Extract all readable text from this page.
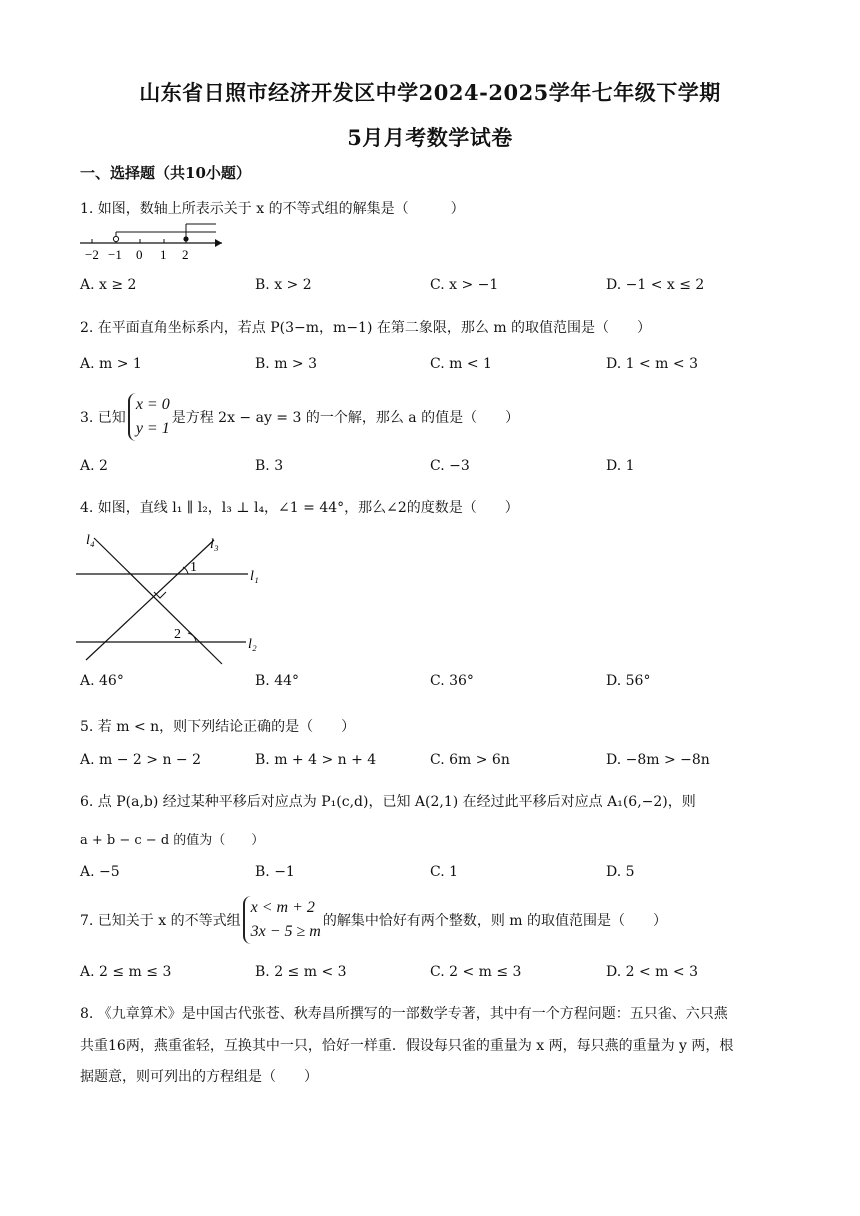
山东省日照市经济开发区中学2024-2025学年七年级下学期
5月月考数学试卷
一、选择题（共10小题）
1. 如图，数轴上所表示关于 x 的不等式组的解集是（　　　）
−2 −1 0 1 2
A. x ≥ 2	B. x > 2	C. x > −1	D. −1 < x ≤ 2
2. 在平面直角坐标系内，若点 P(3−m，m−1) 在第二象限，那么 m 的取值范围是（　　）
A. m > 1	B. m > 3	C. m < 1	D. 1 < m < 3
3. 已知
x = 0
y = 1
是方程 2x − ay = 3 的一个解，那么 a 的值是（　　）
A. 2	B. 3	C. −3	D. 1
4. 如图，直线 l₁ ∥ l₂，l₃ ⊥ l₄，∠1 = 44°，那么∠2的度数是（　　）
l₄	l₃
l₁
l₂
1
2
A. 46°	B. 44°	C. 36°	D. 56°
5. 若 m < n，则下列结论正确的是（　　）
A. m − 2 > n − 2	B. m + 4 > n + 4	C. 6m > 6n	D. −8m > −8n
6. 点 P(a,b) 经过某种平移后对应点为 P₁(c,d)，已知 A(2,1) 在经过此平移后对应点 A₁(6,−2)，则
a + b − c − d 的值为（　　）
A. −5	B. −1	C. 1	D. 5
7. 已知关于 x 的不等式组
x < m + 2
3x − 5 ≥ m
的解集中恰好有两个整数，则 m 的取值范围是（　　）
A. 2 ≤ m ≤ 3	B. 2 ≤ m < 3	C. 2 < m ≤ 3	D. 2 < m < 3
8. 《九章算术》是中国古代张苍、秋寿昌所撰写的一部数学专著，其中有一个方程问题：五只雀、六只燕
共重16两，燕重雀轻，互换其中一只，恰好一样重．假设每只雀的重量为 x 两，每只燕的重量为 y 两，根
据题意，则可列出的方程组是（　　）
